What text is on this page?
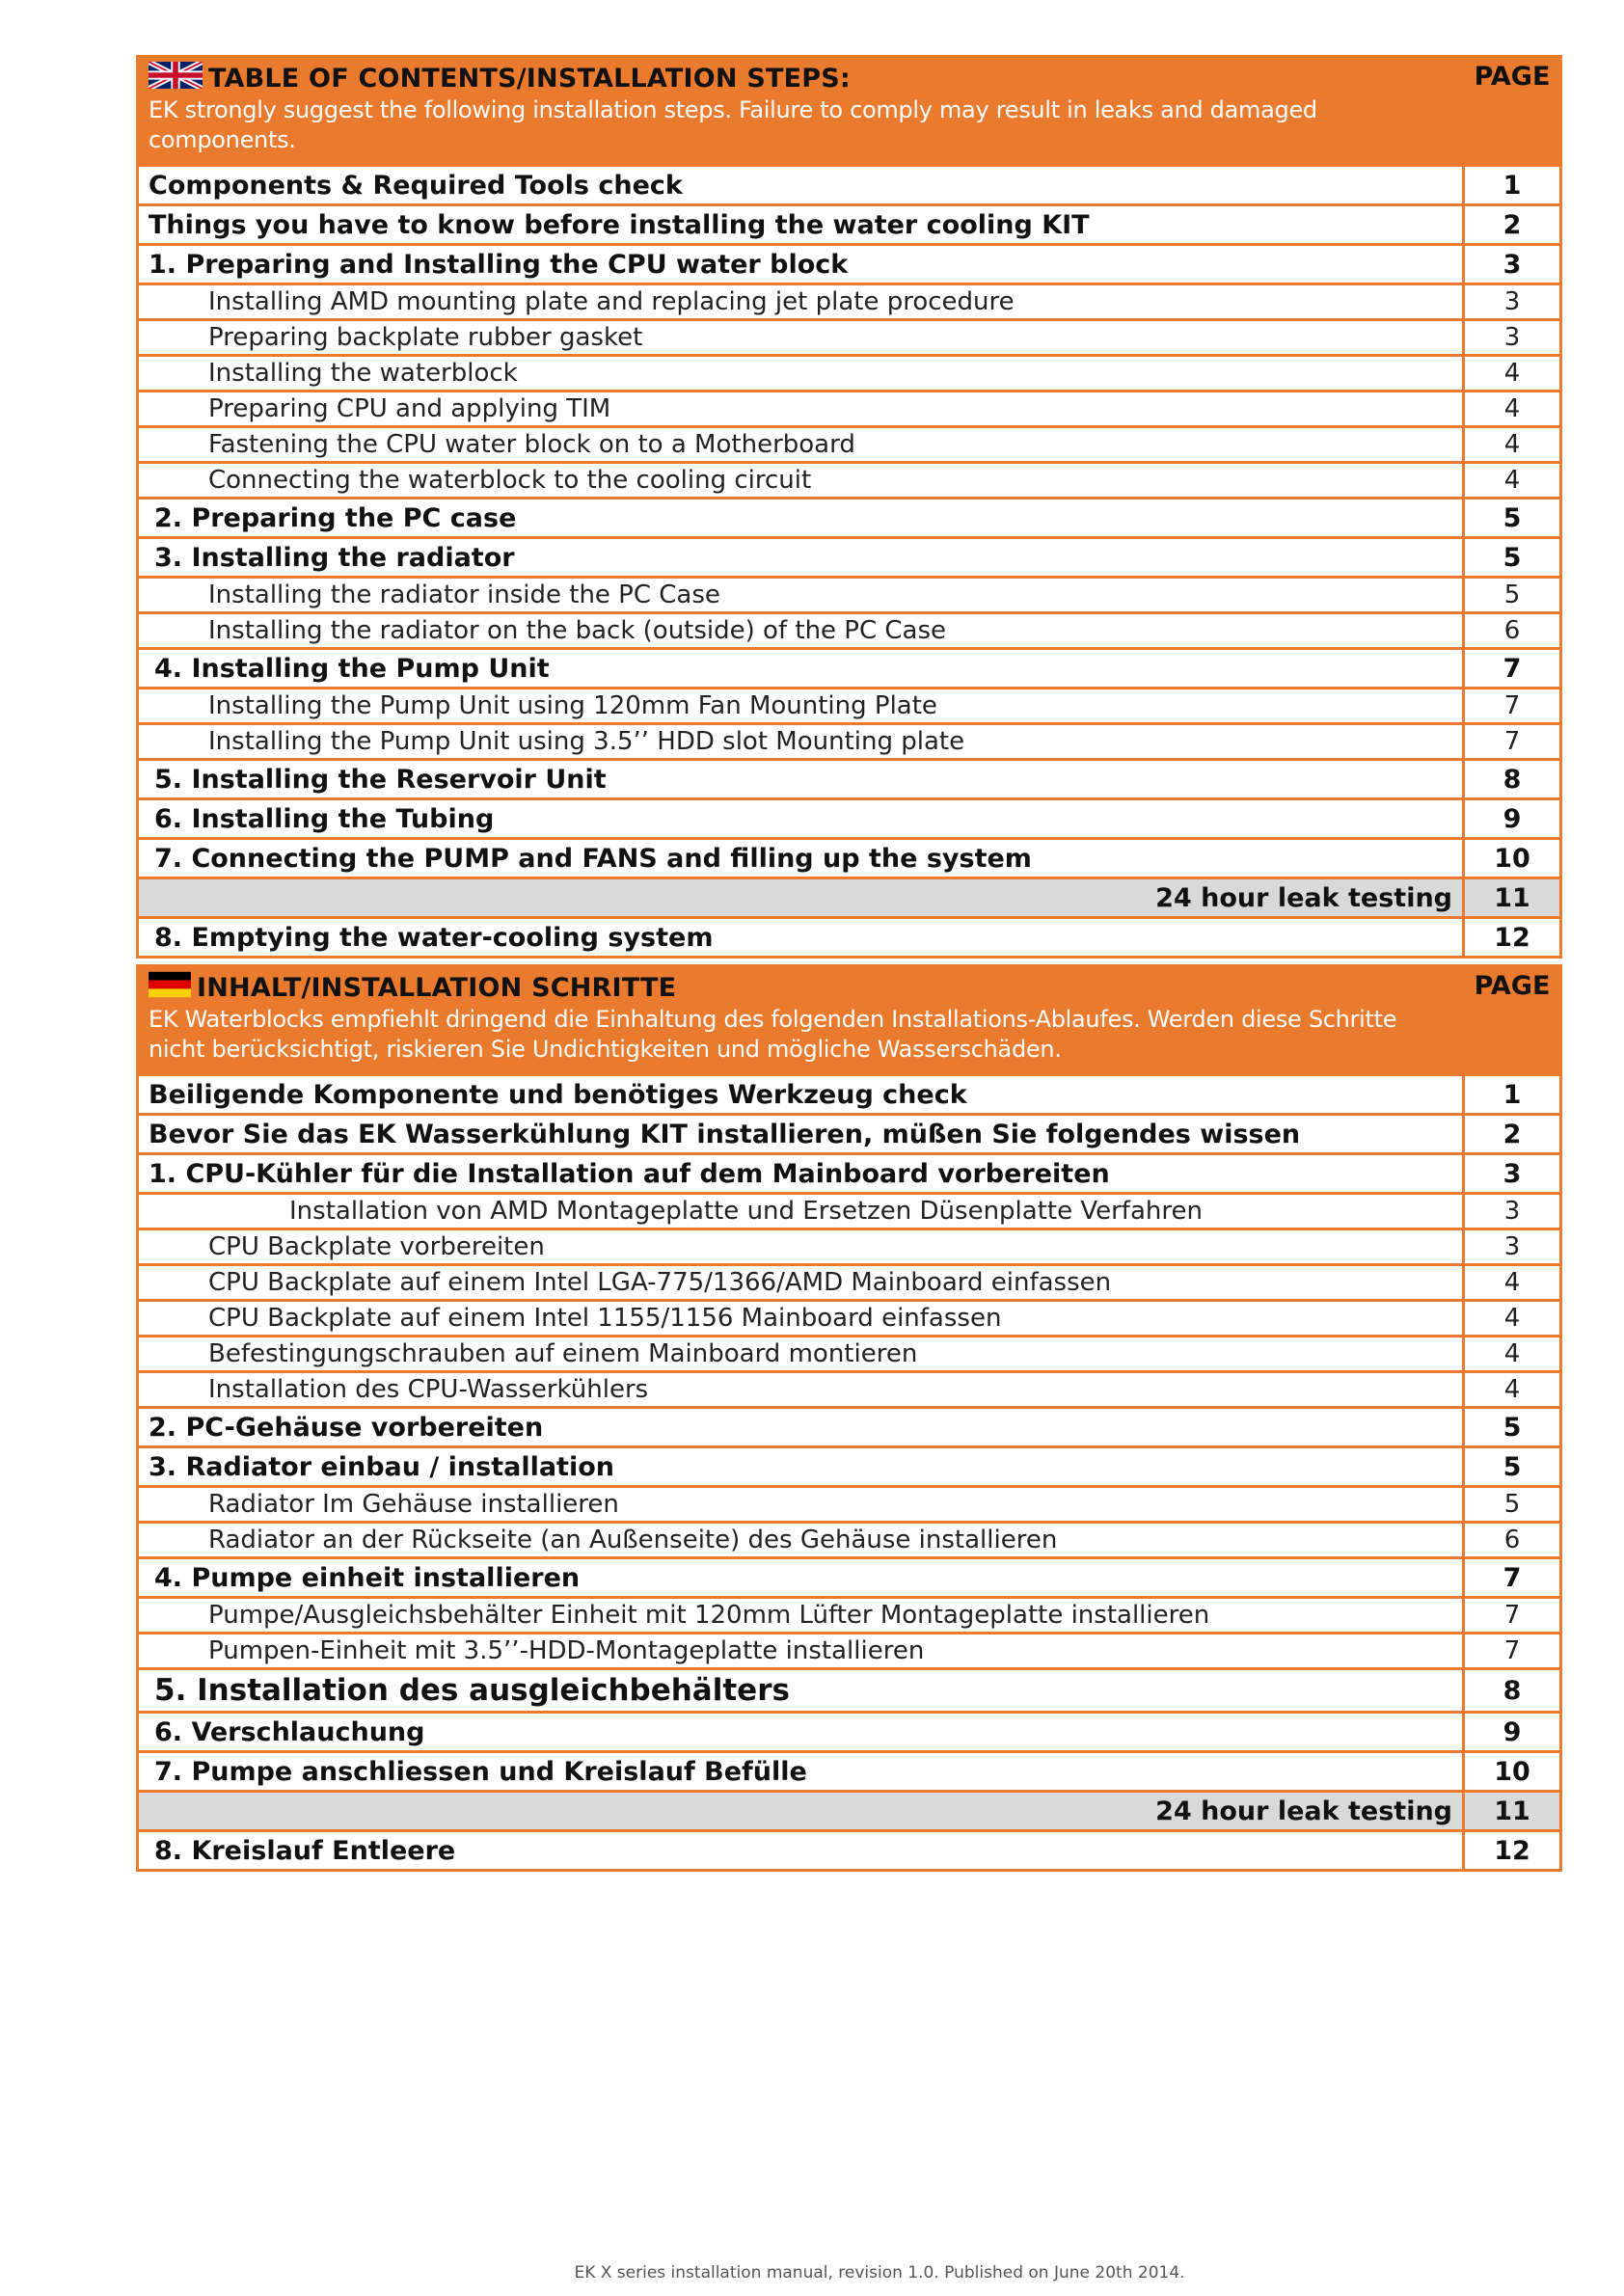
TABLE OF CONTENTS/INSTALLATION STEPS:
EK strongly suggest the following installation steps. Failure to comply may result in leaks and damaged components.
PAGE
Components & Required Tools check	1
Things you have to know before installing the water cooling KIT	2
1. Preparing and Installing the CPU water block	3
Installing AMD mounting plate and replacing jet plate procedure	3
Preparing backplate rubber gasket	3
Installing the waterblock	4
Preparing CPU and applying TIM	4
Fastening the CPU water block on to a Motherboard	4
Connecting the waterblock to the cooling circuit	4
2. Preparing the PC case	5
3. Installing the radiator	5
Installing the radiator inside the PC Case	5
Installing the radiator on the back (outside) of the PC Case	6
4. Installing the Pump Unit	7
Installing the Pump Unit using 120mm Fan Mounting Plate	7
Installing the Pump Unit using 3.5’’ HDD slot Mounting plate	7
5. Installing the Reservoir Unit	8
6. Installing the Tubing	9
7. Connecting the PUMP and FANS and filling up the system	10
24 hour leak testing	11
8. Emptying the water-cooling system	12
INHALT/INSTALLATION SCHRITTE
EK Waterblocks empfiehlt dringend die Einhaltung des folgenden Installations-Ablaufes. Werden diese Schritte nicht berücksichtigt, riskieren Sie Undichtigkeiten und mögliche Wasserschäden.
PAGE
Beiligende Komponente und benötiges Werkzeug check	1
Bevor Sie das EK Wasserkühlung KIT installieren, müßen Sie folgendes wissen	2
1. CPU-Kühler für die Installation auf dem Mainboard vorbereiten	3
Installation von AMD Montageplatte und Ersetzen Düsenplatte Verfahren	3
CPU Backplate vorbereiten	3
CPU Backplate auf einem Intel LGA-775/1366/AMD Mainboard einfassen	4
CPU Backplate auf einem Intel 1155/1156 Mainboard einfassen	4
Befestingungschrauben auf einem Mainboard montieren	4
Installation des CPU-Wasserkühlers	4
2. PC-Gehäuse vorbereiten	5
3. Radiator einbau / installation	5
Radiator Im Gehäuse installieren	5
Radiator an der Rückseite (an Außenseite) des Gehäuse installieren	6
4. Pumpe einheit installieren	7
Pumpe/Ausgleichsbehälter Einheit mit 120mm Lüfter Montageplatte installieren	7
Pumpen-Einheit mit 3.5’’-HDD-Montageplatte installieren	7
5. Installation des ausgleichbehälters	8
6. Verschlauchung	9
7. Pumpe anschliessen und Kreislauf Befülle	10
24 hour leak testing	11
8. Kreislauf Entleere	12
EK X series installation manual, revision 1.0. Published on June 20th 2014.
